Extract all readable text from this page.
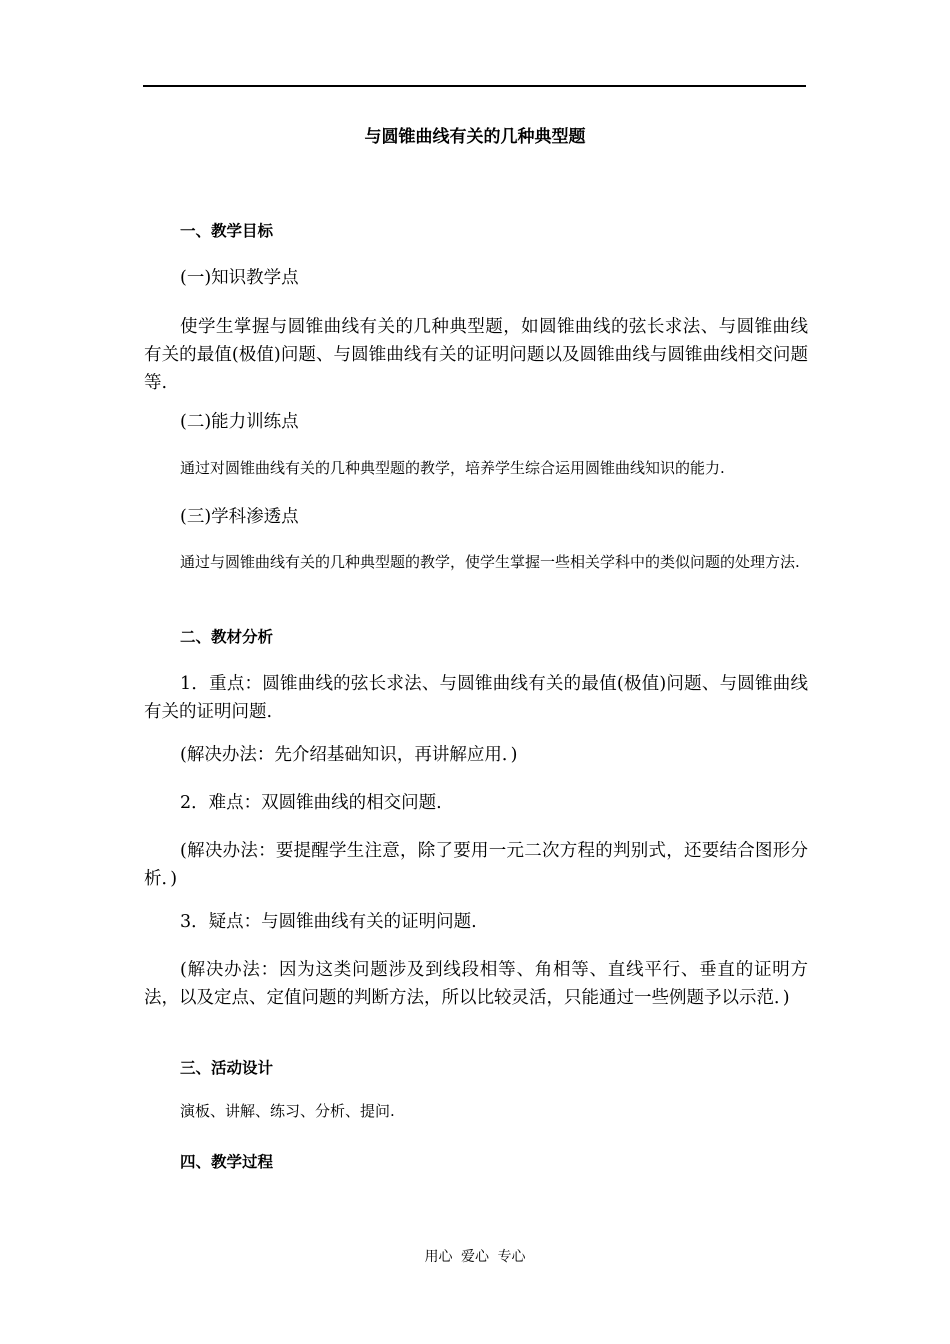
与圆锥曲线有关的几种典型题
一、教学目标
(一)知识教学点
使学生掌握与圆锥曲线有关的几种典型题，如圆锥曲线的弦长求法、与圆锥曲线有关的最值(极值)问题、与圆锥曲线有关的证明问题以及圆锥曲线与圆锥曲线相交问题等.
(二)能力训练点
通过对圆锥曲线有关的几种典型题的教学，培养学生综合运用圆锥曲线知识的能力.
(三)学科渗透点
通过与圆锥曲线有关的几种典型题的教学，使学生掌握一些相关学科中的类似问题的处理方法.
二、教材分析
1．重点：圆锥曲线的弦长求法、与圆锥曲线有关的最值(极值)问题、与圆锥曲线有关的证明问题.
(解决办法：先介绍基础知识，再讲解应用．)
2．难点：双圆锥曲线的相交问题.
(解决办法：要提醒学生注意，除了要用一元二次方程的判别式，还要结合图形分析．)
3．疑点：与圆锥曲线有关的证明问题.
(解决办法：因为这类问题涉及到线段相等、角相等、直线平行、垂直的证明方法，以及定点、定值问题的判断方法，所以比较灵活，只能通过一些例题予以示范．)
三、活动设计
演板、讲解、练习、分析、提问.
四、教学过程
用心 爱心 专心
